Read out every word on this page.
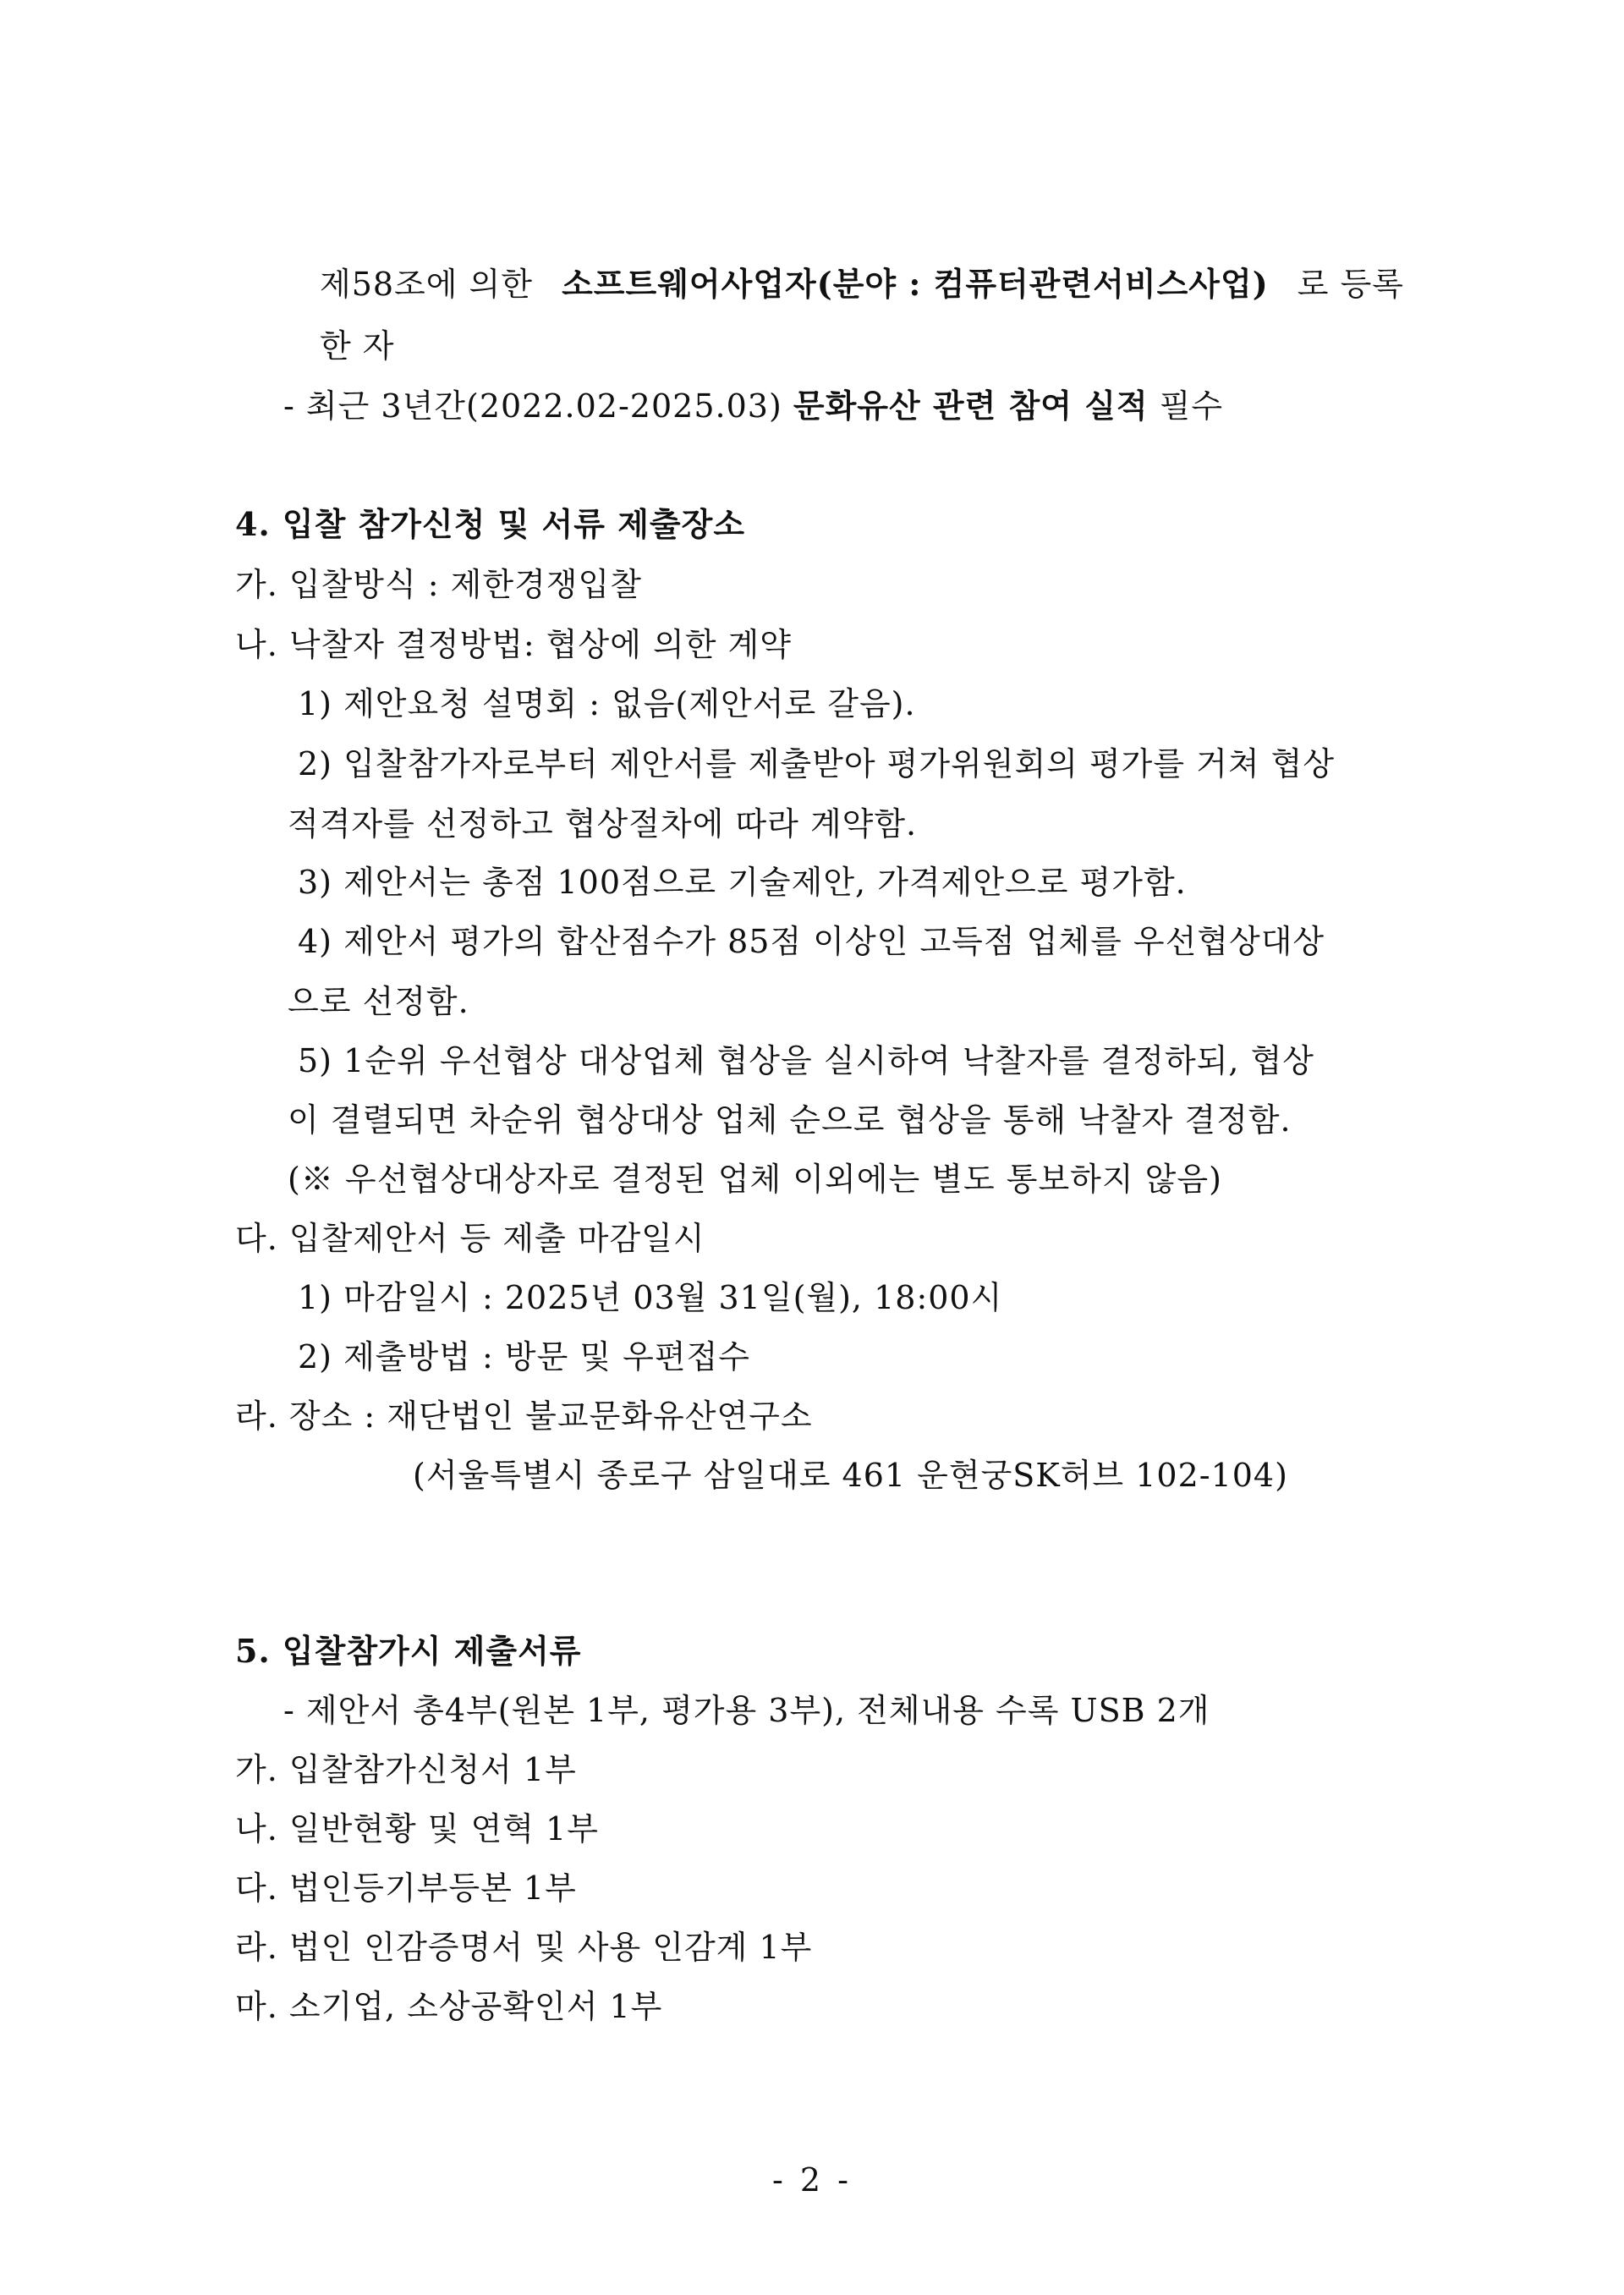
제58조에 의한 소프트웨어사업자(분야 : 컴퓨터관련서비스사업) 로 등록
한 자
- 최근 3년간(2022.02-2025.03) 문화유산 관련 참여 실적 필수
4. 입찰 참가신청 및 서류 제출장소
가. 입찰방식 : 제한경쟁입찰
나. 낙찰자 결정방법: 협상에 의한 계약
1) 제안요청 설명회 : 없음(제안서로 갈음).
2) 입찰참가자로부터 제안서를 제출받아 평가위원회의 평가를 거쳐 협상
적격자를 선정하고 협상절차에 따라 계약함.
3) 제안서는 총점 100점으로 기술제안, 가격제안으로 평가함.
4) 제안서 평가의 합산점수가 85점 이상인 고득점 업체를 우선협상대상
으로 선정함.
5) 1순위 우선협상 대상업체 협상을 실시하여 낙찰자를 결정하되, 협상
이 결렬되면 차순위 협상대상 업체 순으로 협상을 통해 낙찰자 결정함.
(※ 우선협상대상자로 결정된 업체 이외에는 별도 통보하지 않음)
다. 입찰제안서 등 제출 마감일시
1) 마감일시 : 2025년 03월 31일(월), 18:00시
2) 제출방법 : 방문 및 우편접수
라. 장소 : 재단법인 불교문화유산연구소
(서울특별시 종로구 삼일대로 461 운현궁SK허브 102-104)
5. 입찰참가시 제출서류
- 제안서 총4부(원본 1부, 평가용 3부), 전체내용 수록 USB 2개
가. 입찰참가신청서 1부
나. 일반현황 및 연혁 1부
다. 법인등기부등본 1부
라. 법인 인감증명서 및 사용 인감계 1부
마. 소기업, 소상공확인서 1부
- 2 -
